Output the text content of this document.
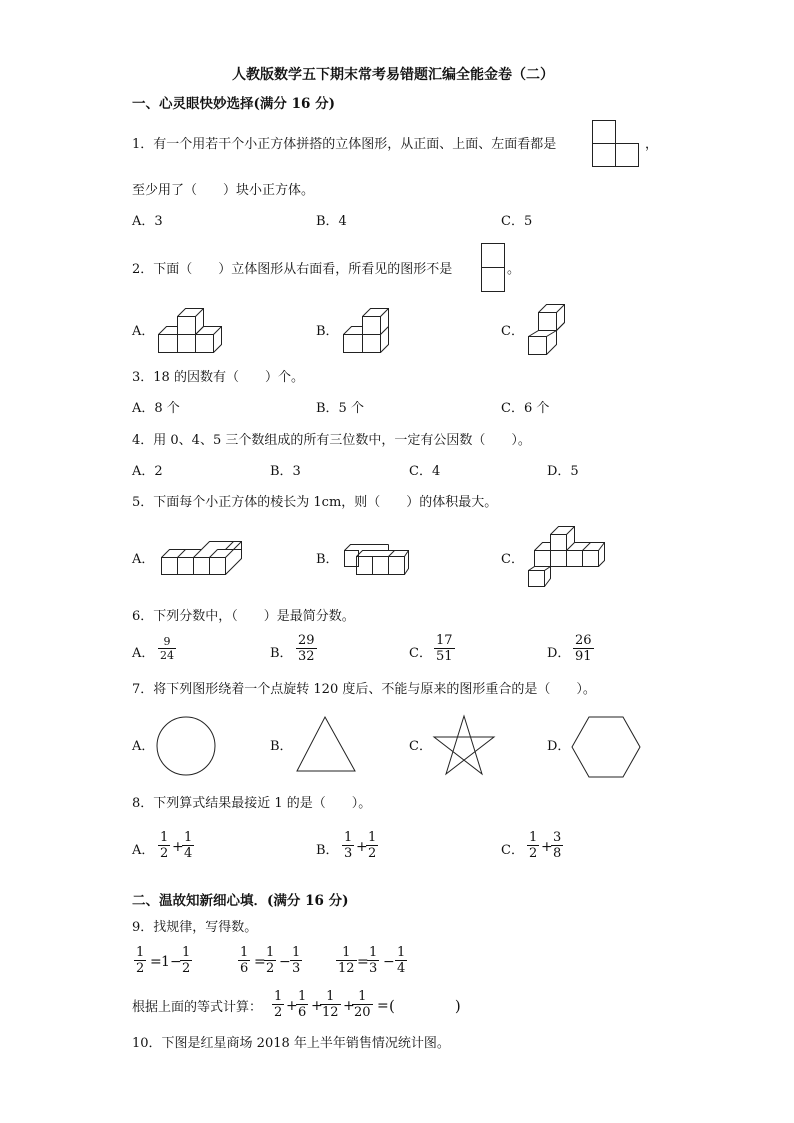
人教版数学五下期末常考易错题汇编全能金卷（二）
一、心灵眼快妙选择(满分 16 分)
1．有一个用若干个小正方体拼搭的立体图形，从正面、上面、左面看都是	，
至少用了（　　）块小正方体。
A．3	B．4	C．5
2．下面（　　）立体图形从右面看，所看见的图形不是	。
A．	B．	C．
3．18 的因数有（　　）个。
A．8 个	B．5 个	C．6 个
4．用 0、4、5 三个数组成的所有三位数中，一定有公因数（　　）。
A．2	B．3	C．4	D．5
5．下面每个小正方体的棱长为 1cm，则（　　）的体积最大。
A．	B．	C．
6．下列分数中，（　　）是最简分数。
A． $\frac{9}{24}$	B． $\frac{29}{32}$	C． $\frac{17}{51}$	D． $\frac{26}{91}$
7．将下列图形绕着一个点旋转 120 度后、不能与原来的图形重合的是（　　）。
A．	B．	C．	D．
8．下列算式结果最接近 1 的是（　　）。
A． $\frac{1}{2}$ +
$\frac{1}{4}$	B． $\frac{1}{3}$ +
$\frac{1}{2}$	C． $\frac{1}{2}$ +
$\frac{3}{8}$
二、温故知新细心填．(满分 16 分)
9．找规律，写得数。
$\frac{1}{2} = 1$ −
$\frac{1}{2}$	$\frac{1}{6}$ =
$\frac{1}{2} - \frac{1}{3}$	$\frac{1}{12}$ =
$\frac{1}{3} - \frac{1}{4}$
根据上面的等式计算： $\frac{1}{2}$ +
$\frac{1}{6}$ +
$\frac{1}{12}$ +
$\frac{1}{20}$ = (　　　　)
10．下图是红星商场 2018 年上半年销售情况统计图。
